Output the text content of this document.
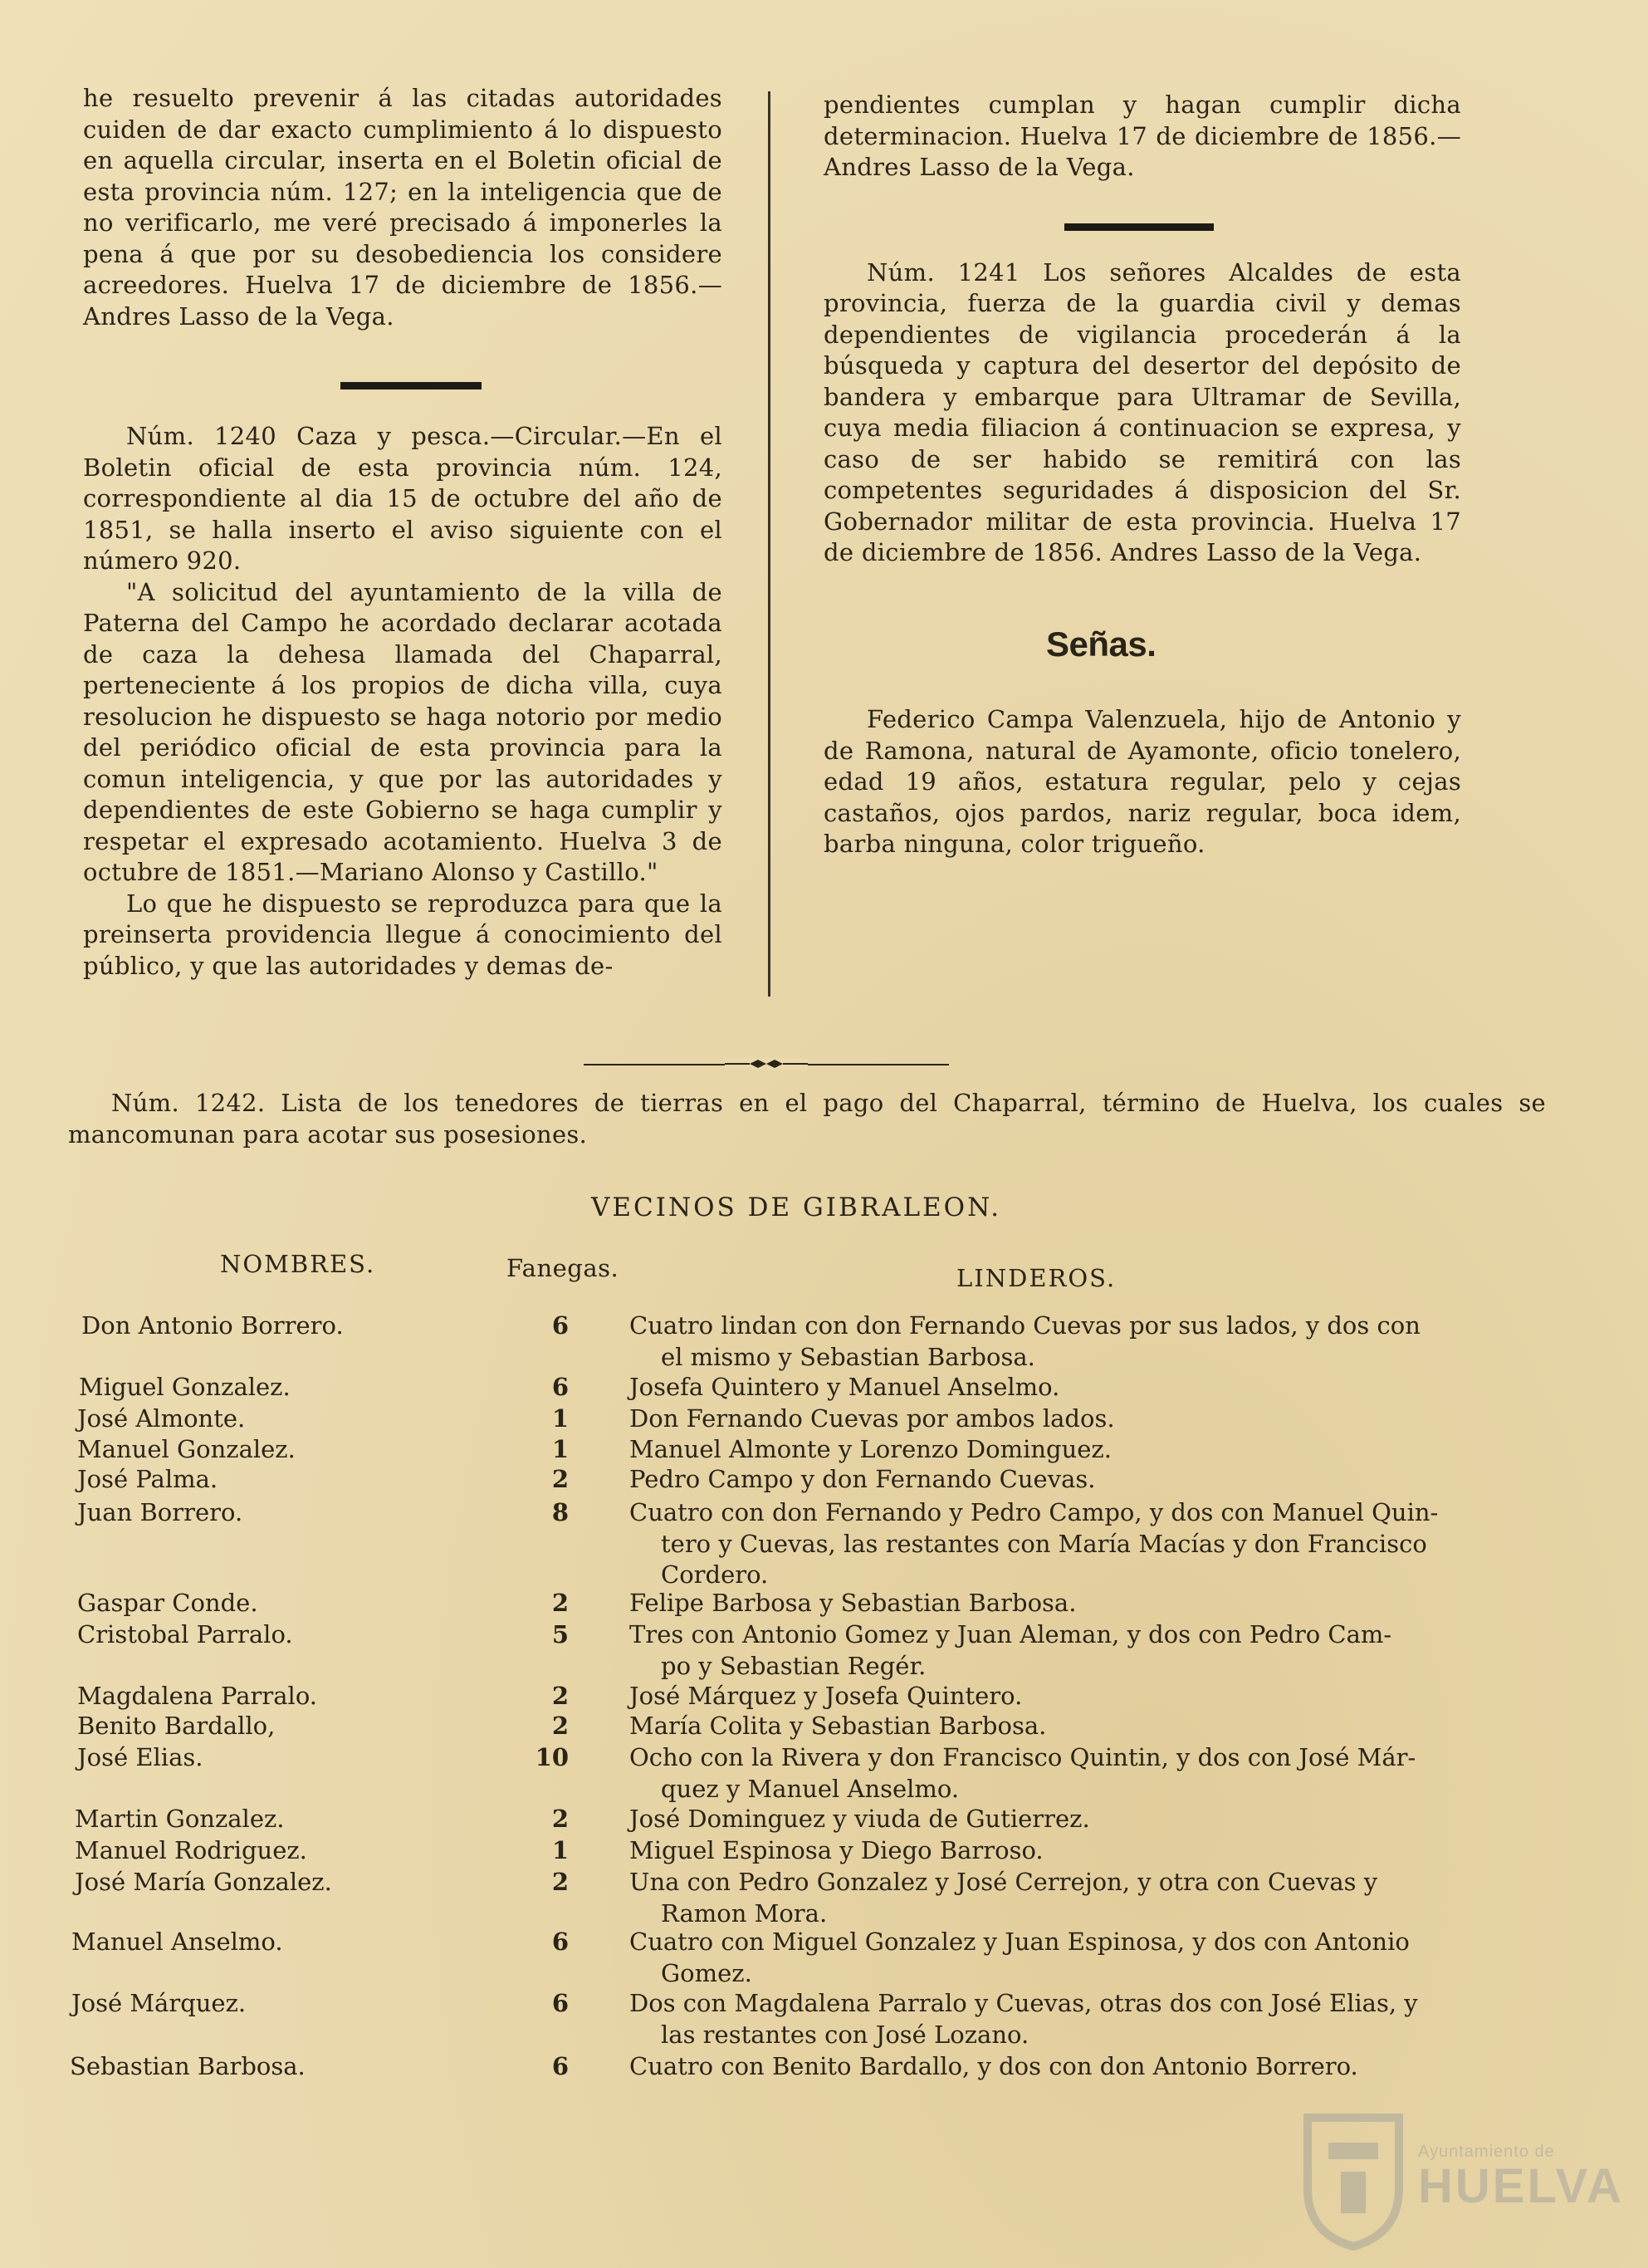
he resuelto prevenir á las citadas autoridades cuiden de dar exacto cumplimiento á lo dispuesto en aquella circular, inserta en el Boletin oficial de esta provincia núm. 127; en la inteligencia que de no verificarlo, me veré precisado á imponerles la pena á que por su desobediencia los considere acreedores. Huelva 17 de diciembre de 1856.— Andres Lasso de la Vega.

Núm. 1240 Caza y pesca.—Circular.—En el Boletin oficial de esta provincia núm. 124, correspondiente al dia 15 de octubre del año de 1851, se halla inserto el aviso siguiente con el número 920.

"A solicitud del ayuntamiento de la villa de Paterna del Campo he acordado declarar acotada de caza la dehesa llamada del Chaparral, perteneciente á los propios de dicha villa, cuya resolucion he dispuesto se haga notorio por medio del periódico oficial de esta provincia para la comun inteligencia, y que por las autoridades y dependientes de este Gobierno se haga cumplir y respetar el expresado acotamiento. Huelva 3 de octubre de 1851.—Mariano Alonso y Castillo."

Lo que he dispuesto se reproduzca para que la preinserta providencia llegue á conocimiento del público, y que las autoridades y demas de-

pendientes cumplan y hagan cumplir dicha determinacion. Huelva 17 de diciembre de 1856.— Andres Lasso de la Vega.

Núm. 1241 Los señores Alcaldes de esta provincia, fuerza de la guardia civil y demas dependientes de vigilancia procederán á la búsqueda y captura del desertor del depósito de bandera y embarque para Ultramar de Sevilla, cuya media filiacion á continuacion se expresa, y caso de ser habido se remitirá con las competentes seguridades á disposicion del Sr. Gobernador militar de esta provincia. Huelva 17 de diciembre de 1856. Andres Lasso de la Vega.

Señas.

Federico Campa Valenzuela, hijo de Antonio y de Ramona, natural de Ayamonte, oficio tonelero, edad 19 años, estatura regular, pelo y cejas castaños, ojos pardos, nariz regular, boca idem, barba ninguna, color trigueño.

Núm. 1242. Lista de los tenedores de tierras en el pago del Chaparral, término de Huelva, los cuales se mancomunan para acotar sus posesiones.

VECINOS DE GIBRALEON.
NOMBRES.	Fanegas.	LINDEROS.
Don Antonio Borrero.	6	Cuatro lindan con don Fernando Cuevas por sus lados, y dos con
el mismo y Sebastian Barbosa.
Miguel Gonzalez.	6	Josefa Quintero y Manuel Anselmo.
José Almonte.	1	Don Fernando Cuevas por ambos lados.
Manuel Gonzalez.	1	Manuel Almonte y Lorenzo Dominguez.
José Palma.	2	Pedro Campo y don Fernando Cuevas.
Juan Borrero.	8	Cuatro con don Fernando y Pedro Campo, y dos con Manuel Quin-
tero y Cuevas, las restantes con María Macías y don Francisco Cordero.
Gaspar Conde.	2	Felipe Barbosa y Sebastian Barbosa.
Cristobal Parralo.	5	Tres con Antonio Gomez y Juan Aleman, y dos con Pedro Cam-
po y Sebastian Regér.
Magdalena Parralo.	2	José Márquez y Josefa Quintero.
Benito Bardallo,	2	María Colita y Sebastian Barbosa.
José Elias.	10	Ocho con la Rivera y don Francisco Quintin, y dos con José Már-
quez y Manuel Anselmo.
Martin Gonzalez.	2	José Dominguez y viuda de Gutierrez.
Manuel Rodriguez.	1	Miguel Espinosa y Diego Barroso.
José María Gonzalez.	2	Una con Pedro Gonzalez y José Cerrejon, y otra con Cuevas y
Ramon Mora.
Manuel Anselmo.	6	Cuatro con Miguel Gonzalez y Juan Espinosa, y dos con Antonio
Gomez.
José Márquez.	6	Dos con Magdalena Parralo y Cuevas, otras dos con José Elias, y
las restantes con José Lozano.
Sebastian Barbosa.	6	Cuatro con Benito Bardallo, y dos con don Antonio Borrero.
Ayuntamiento de
HUELVA
